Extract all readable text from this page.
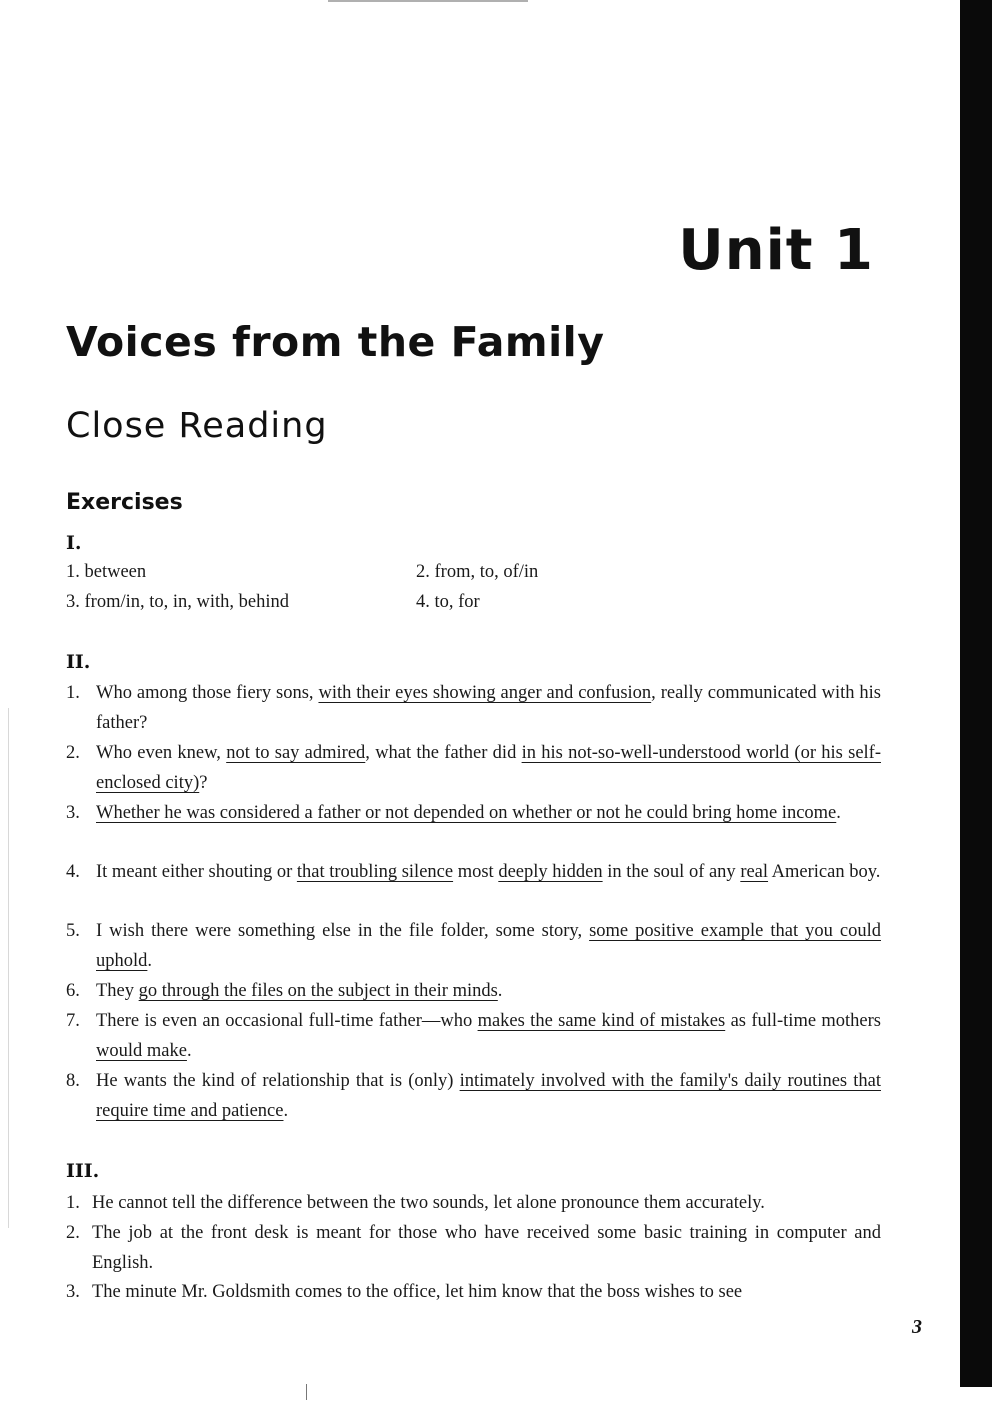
Unit 1
Voices from the Family
Close Reading
Exercises
I.
1. between	2. from, to, of/in
3. from/in, to, in, with, behind	4. to, for
II.
1. Who among those fiery sons, with their eyes showing anger and confusion, really communicated with his father?
2. Who even knew, not to say admired, what the father did in his not-so-well-understood world (or his self-enclosed city)?
3. Whether he was considered a father or not depended on whether or not he could bring home income.
4. It meant either shouting or that troubling silence most deeply hidden in the soul of any real American boy.
5. I wish there were something else in the file folder, some story, some positive example that you could uphold.
6. They go through the files on the subject in their minds.
7. There is even an occasional full-time father—who makes the same kind of mistakes as full-time mothers would make.
8. He wants the kind of relationship that is (only) intimately involved with the family's daily routines that require time and patience.
III.
1. He cannot tell the difference between the two sounds, let alone pronounce them accurately.
2. The job at the front desk is meant for those who have received some basic training in computer and English.
3. The minute Mr. Goldsmith comes to the office, let him know that the boss wishes to see
3
